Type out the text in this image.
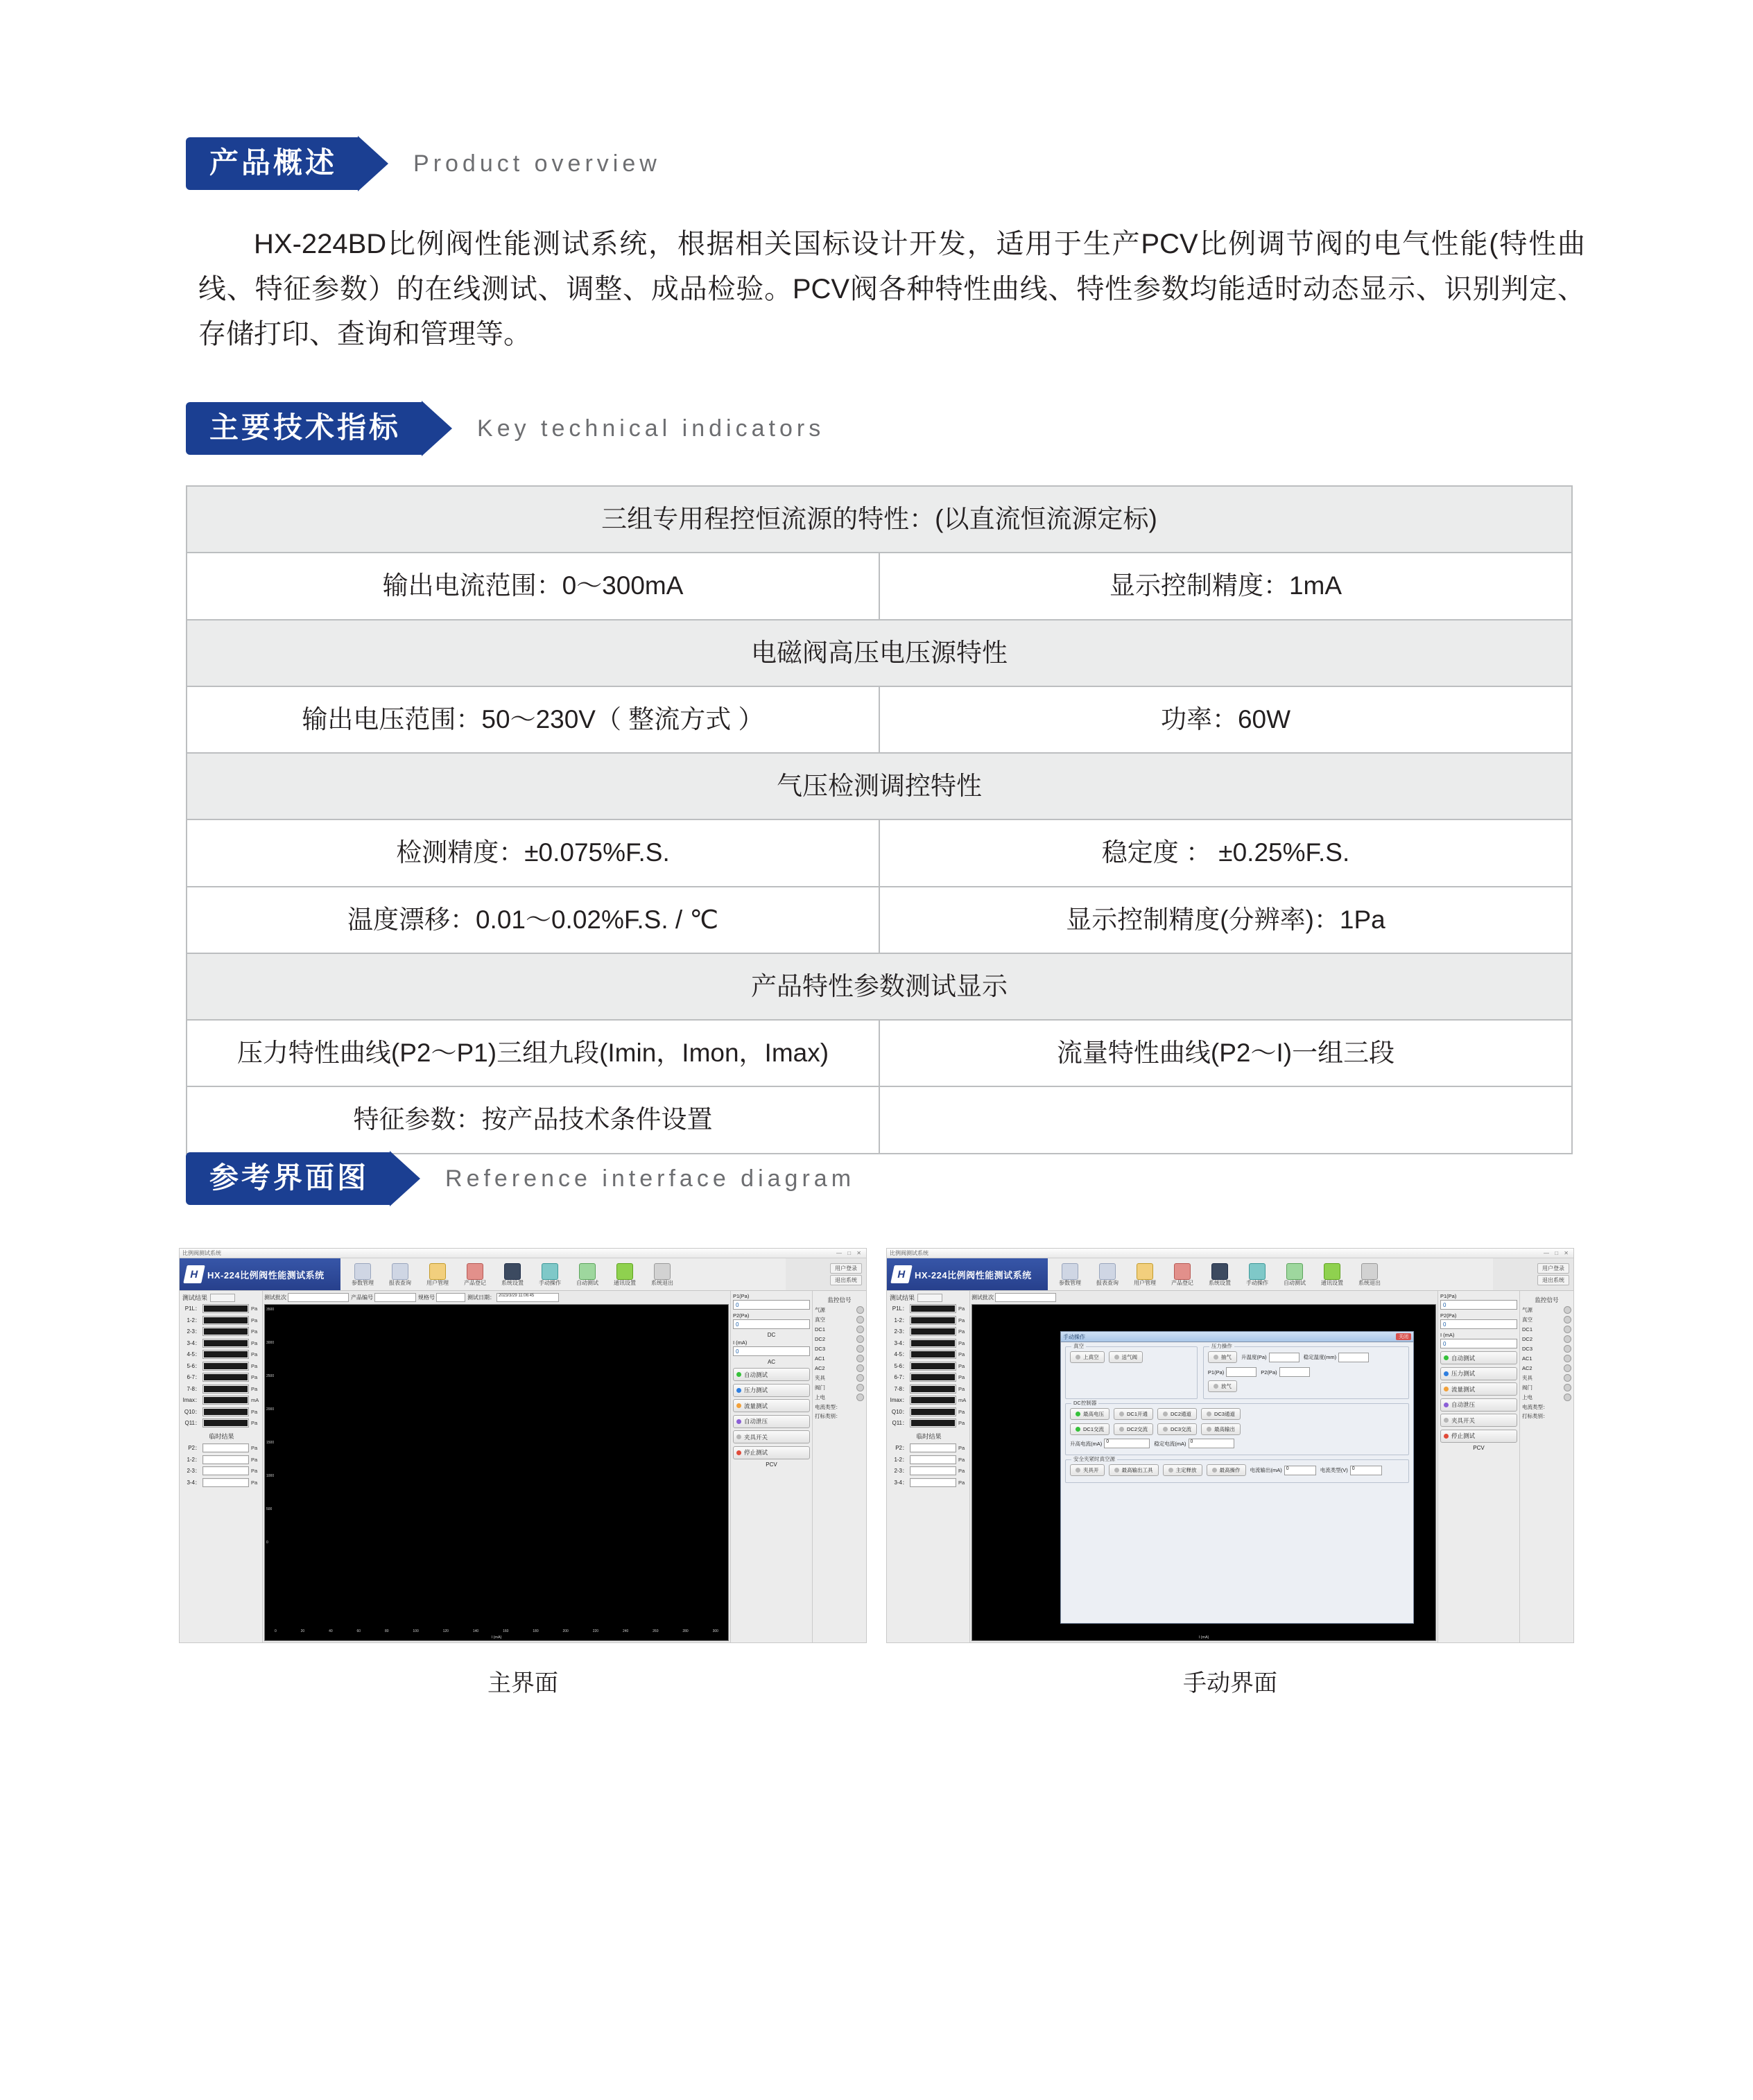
产品概述	Product overview
HX-224BD比例阀性能测试系统，根据相关国标设计开发，适用于生产PCV比例调节阀的电气性能(特性曲线、特征参数）的在线测试、调整、成品检验。PCV阀各种特性曲线、特性参数均能适时动态显示、识别判定、存储打印、查询和管理等。
主要技术指标	Key technical indicators
三组专用程控恒流源的特性：(以直流恒流源定标)	
输出电流范围：0～300mA	显示控制精度：1mA
电磁阀高压电压源特性	
输出电压范围：50～230V（ 整流方式 ）	功率：60W
气压检测调控特性	
检测精度：±0.075%F.S.	稳定度 ： ±0.25%F.S.
温度漂移：0.01～0.02%F.S. / ℃	显示控制精度(分辨率)：1Pa
产品特性参数测试显示	
压力特性曲线(P2～P1)三组九段(Imin，Imon，Imax)	流量特性曲线(P2～I)一组三段
特征参数：按产品技术条件设置	
参考界面图	Reference interface diagram
比例阀测试系统	— □ ✕
H HX-224比例阀性能测试系统
参数管理	报表查询	用户管理	产品登记	系统设置	手动操作	自动测试	通讯设置	系统退出
用户登录
退出系统
测试结果
P1L：	Pa
1-2：	Pa
2-3：	Pa
3-4：	Pa
4-5：	Pa
5-6：	Pa
6-7：	Pa
7-8：	Pa
Imax：	mA
Q10：	Pa
Q11：	Pa
临时结果
P2：	Pa
1-2：	Pa
2-3：	Pa
3-4：	Pa
测试批次	产品编号	规格号	测试日期： 2023/3/29 11:06:45
3500
3000
2500
2000
1500
1000
500
0
0	20	40	60	80	100	120	140	160	180	200	220	240	260	280	300
I (mA)
P1(Pa)
0
P2(Pa)
0
DC
I (mA)
0
AC
自动测试
压力测试
流量测试
自动泄压
夹具开关
停止测试
PCV
监控信号
气源
真空
DC1
DC2
DC3
AC1
AC2
夹具
阀门
上电
电流类型：
打标类别：
主界面
比例阀测试系统	— □ ✕
H HX-224比例阀性能测试系统
参数管理	报表查询	用户管理	产品登记	系统设置	手动操作	自动测试	通讯设置	系统退出
用户登录
退出系统
测试结果
P1L：	Pa
1-2：	Pa
2-3：	Pa
3-4：	Pa
4-5：	Pa
5-6：	Pa
6-7：	Pa
7-8：	Pa
Imax：	mA
Q10：	Pa
Q11：	Pa
临时结果
P2：	Pa
1-2：	Pa
2-3：	Pa
3-4：	Pa
测试批次
I (mA)
手动操作	关闭
真空
上真空	送气阀
压力操作
抽气 升温度(Pa)	稳定温度(mm)
P1(Pa)	P2(Pa)
放气
DC控制器
最高电压	DC1开通	DC2通道	DC3通道
DC1交流	DC2交流	DC3交流	最高输出
升高电流(mA) 0	稳定电流(mA) 0
安全夹紧时真空源
夹具开	最高输出工具	主定释放	最高操作 电流输出(mA) 0	电流类型(V) 0
P1(Pa)
0
P2(Pa)
0
I (mA)
0
自动测试
压力测试
流量测试
自动泄压
夹具开关
停止测试
PCV
监控信号
气源
真空
DC1
DC2
DC3
AC1
AC2
夹具
阀门
上电
电流类型：
打标类别：
手动界面
